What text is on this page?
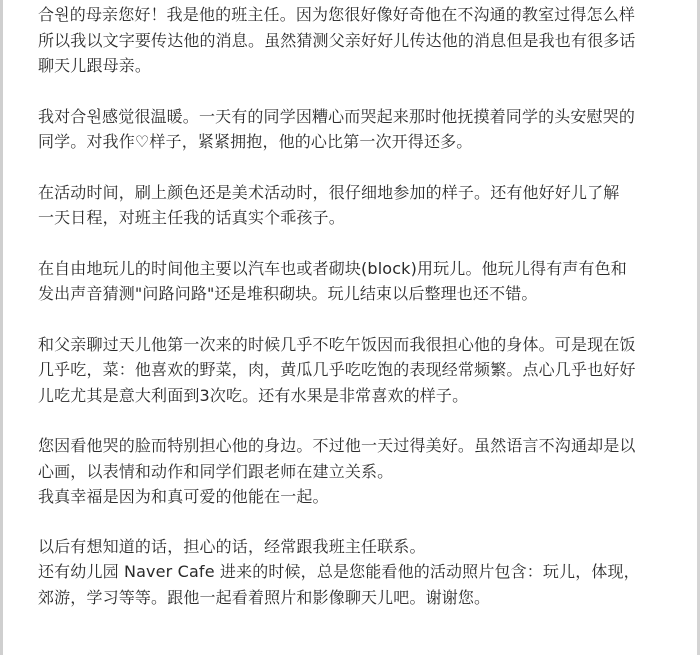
合원的母亲您好！我是他的班主任。因为您很好像好奇他在不沟通的教室过得怎么样
所以我以文字要传达他的消息。虽然猜测父亲好好儿传达他的消息但是我也有很多话
聊天儿跟母亲。
我对合원感觉很温暖。一天有的同学因糟心而哭起来那时他抚摸着同学的头安慰哭的
同学。对我作♡样子，紧紧拥抱，他的心比第一次开得还多。
在活动时间，刷上颜色还是美术活动时，很仔细地参加的样子。还有他好好儿了解
一天日程，对班主任我的话真实个乖孩子。
在自由地玩儿的时间他主要以汽车也或者砌块(block)用玩儿。他玩儿得有声有色和
发出声音猜测"问路问路"还是堆积砌块。玩儿结束以后整理也还不错。
和父亲聊过天儿他第一次来的时候几乎不吃午饭因而我很担心他的身体。可是现在饭
几乎吃，菜：他喜欢的野菜，肉，黄瓜几乎吃吃饱的表现经常频繁。点心几乎也好好
儿吃尤其是意大利面到3次吃。还有水果是非常喜欢的样子。
您因看他哭的脸而特别担心他的身边。不过他一天过得美好。虽然语言不沟通却是以
心画，以表情和动作和同学们跟老师在建立关系。
我真幸福是因为和真可爱的他能在一起。
以后有想知道的话，担心的话，经常跟我班主任联系。
还有幼儿园 Naver Cafe 进来的时候，总是您能看他的活动照片包含：玩儿，体现，
郊游，学习等等。跟他一起看着照片和影像聊天儿吧。谢谢您。
